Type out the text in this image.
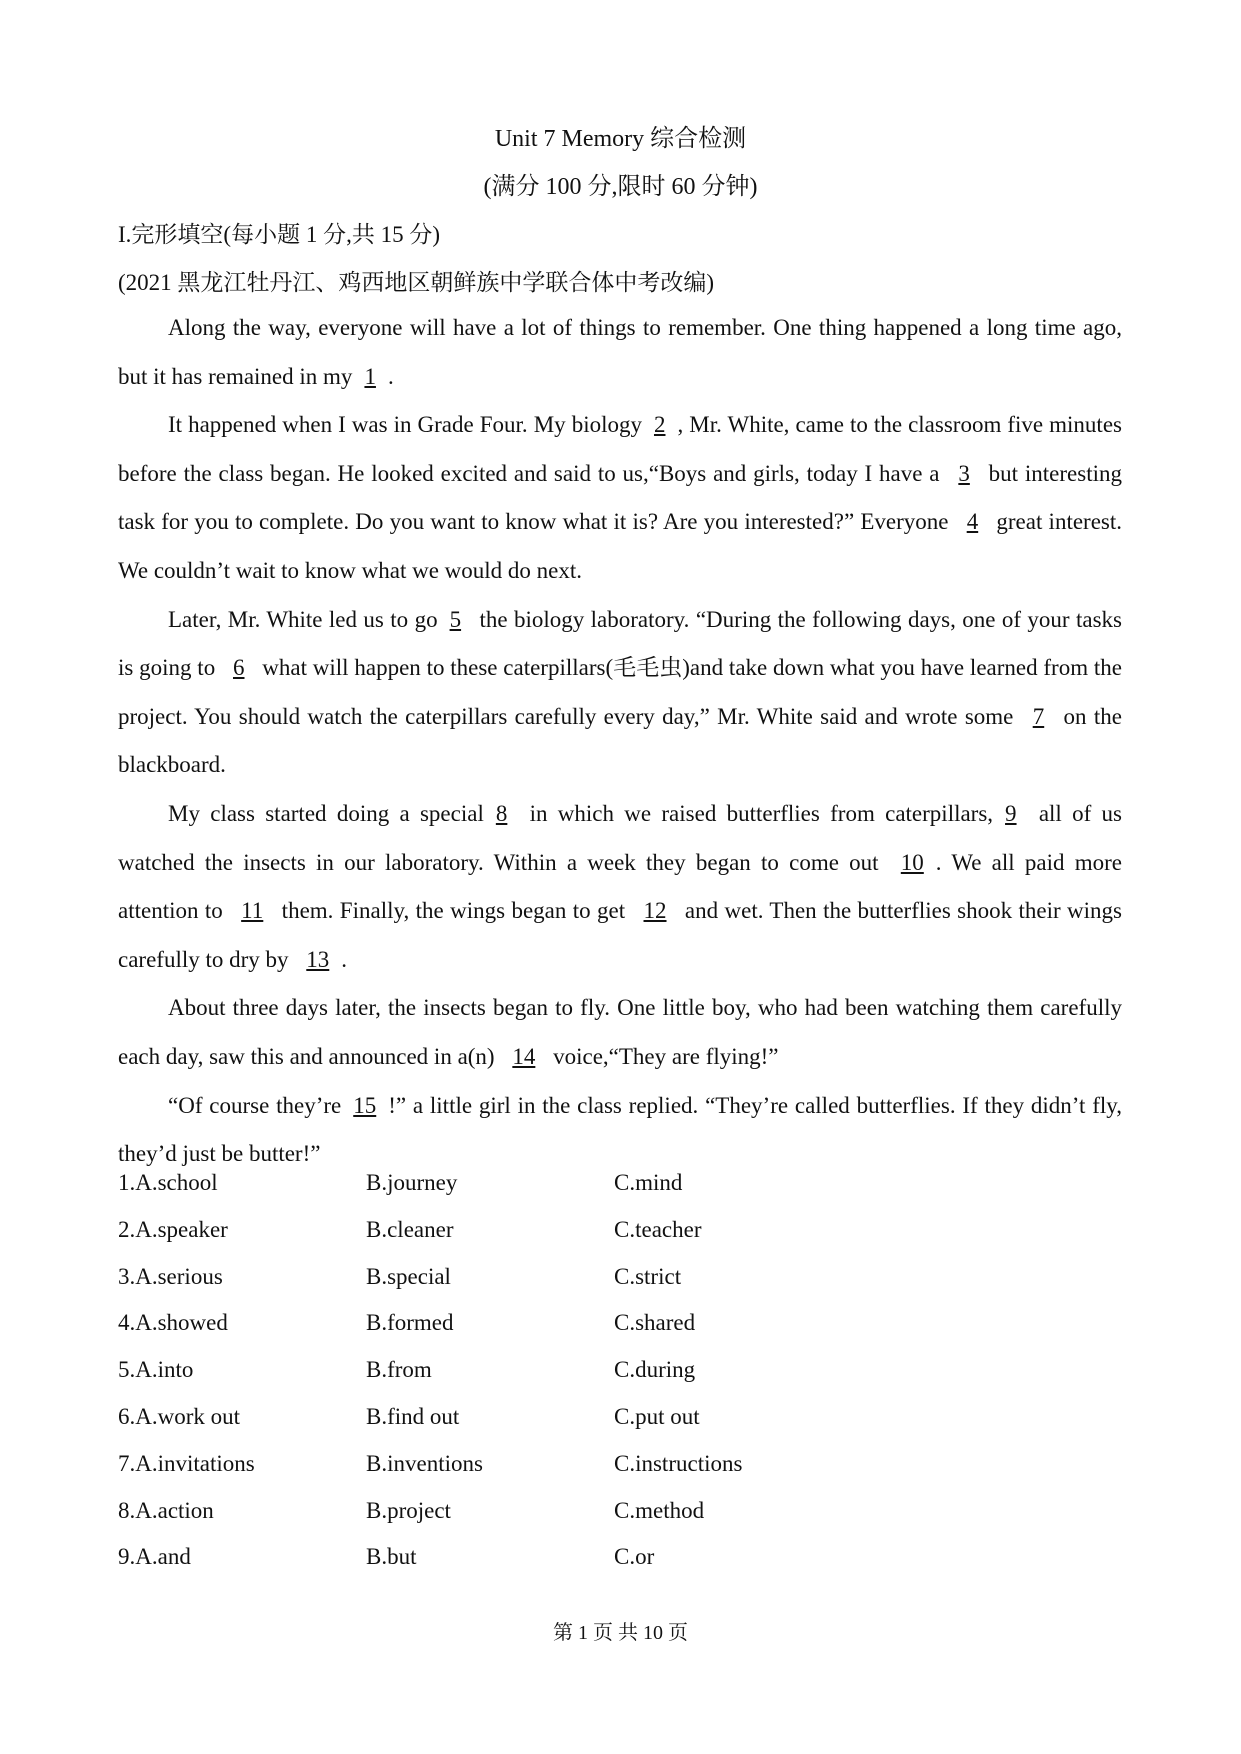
Unit 7 Memory 综合检测
(满分 100 分,限时 60 分钟)
I.完形填空(每小题 1 分,共 15 分)
(2021 黑龙江牡丹江、鸡西地区朝鲜族中学联合体中考改编)

Along the way, everyone will have a lot of things to remember. One thing happened a long time ago, but it has remained in my 1 .

It happened when I was in Grade Four. My biology 2 , Mr. White, came to the classroom five minutes before the class began. He looked excited and said to us,“Boys and girls, today I have a 3 but interesting task for you to complete. Do you want to know what it is? Are you interested?” Everyone 4 great interest. We couldn’t wait to know what we would do next.

Later, Mr. White led us to go 5 the biology laboratory. “During the following days, one of your tasks is going to 6 what will happen to these caterpillars(毛毛虫)and take down what you have learned from the project. You should watch the caterpillars carefully every day,” Mr. White said and wrote some 7 on the blackboard.

My class started doing a special 8 in which we raised butterflies from caterpillars, 9 all of us watched the insects in our laboratory. Within a week they began to come out 10 . We all paid more attention to 11 them. Finally, the wings began to get 12 and wet. Then the butterflies shook their wings carefully to dry by 13 .

About three days later, the insects began to fly. One little boy, who had been watching them carefully each day, saw this and announced in a(n) 14 voice,“They are flying!”

“Of course they’re 15 !” a little girl in the class replied. “They’re called butterflies. If they didn’t fly, they’d just be butter!”

1.A.school	B.journey	C.mind
2.A.speaker	B.cleaner	C.teacher
3.A.serious	B.special	C.strict
4.A.showed	B.formed	C.shared
5.A.into	B.from	C.during
6.A.work out	B.find out	C.put out
7.A.invitations	B.inventions	C.instructions
8.A.action	B.project	C.method
9.A.and	B.but	C.or
第 1 页 共 10 页
